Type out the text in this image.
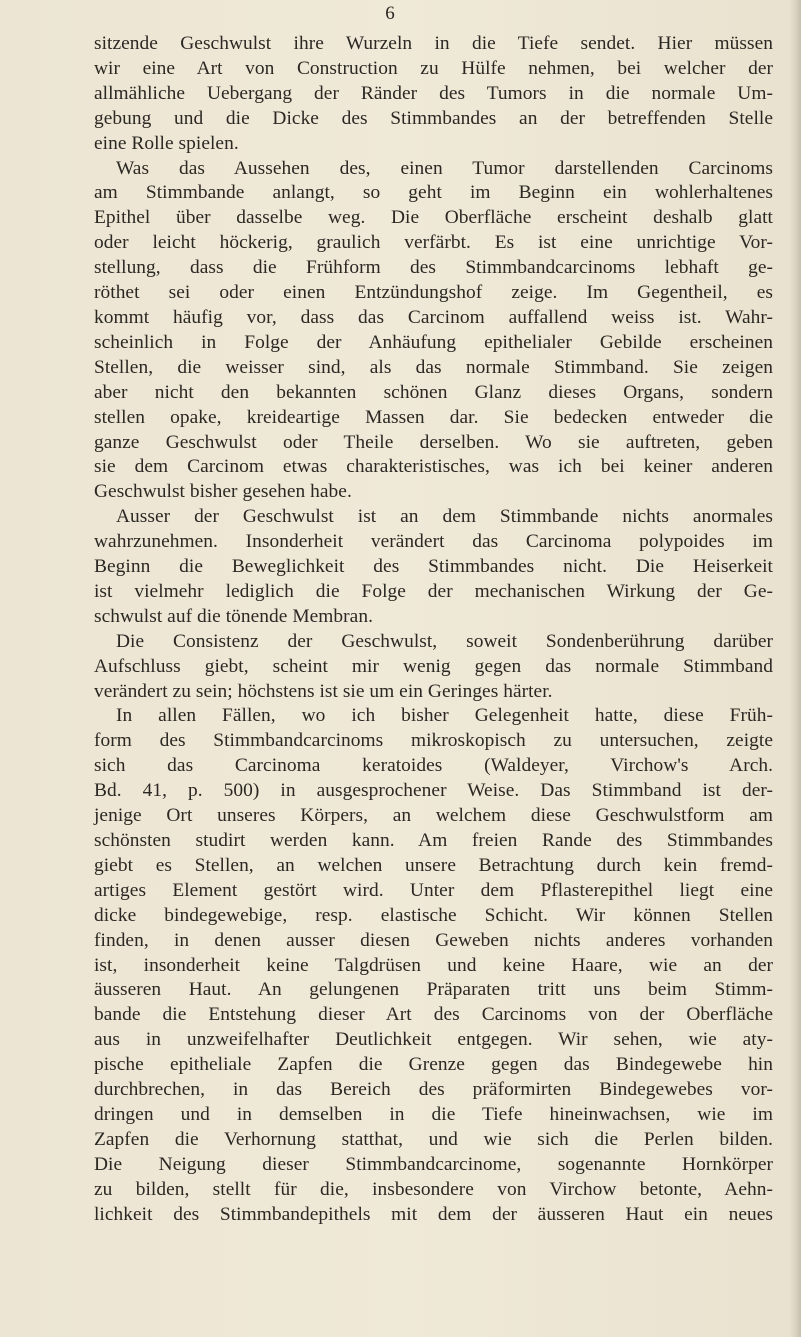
6
sitzende Geschwulst ihre Wurzeln in die Tiefe sendet. Hier müssen
wir eine Art von Construction zu Hülfe nehmen, bei welcher der
allmähliche Uebergang der Ränder des Tumors in die normale Um-
gebung und die Dicke des Stimmbandes an der betreffenden Stelle
eine Rolle spielen.
Was das Aussehen des, einen Tumor darstellenden Carcinoms
am Stimmbande anlangt, so geht im Beginn ein wohlerhaltenes
Epithel über dasselbe weg. Die Oberfläche erscheint deshalb glatt
oder leicht höckerig, graulich verfärbt. Es ist eine unrichtige Vor-
stellung, dass die Frühform des Stimmbandcarcinoms lebhaft ge-
röthet sei oder einen Entzündungshof zeige. Im Gegentheil, es
kommt häufig vor, dass das Carcinom auffallend weiss ist. Wahr-
scheinlich in Folge der Anhäufung epithelialer Gebilde erscheinen
Stellen, die weisser sind, als das normale Stimmband. Sie zeigen
aber nicht den bekannten schönen Glanz dieses Organs, sondern
stellen opake, kreideartige Massen dar. Sie bedecken entweder die
ganze Geschwulst oder Theile derselben. Wo sie auftreten, geben
sie dem Carcinom etwas charakteristisches, was ich bei keiner anderen
Geschwulst bisher gesehen habe.
Ausser der Geschwulst ist an dem Stimmbande nichts anormales
wahrzunehmen. Insonderheit verändert das Carcinoma polypoides im
Beginn die Beweglichkeit des Stimmbandes nicht. Die Heiserkeit
ist vielmehr lediglich die Folge der mechanischen Wirkung der Ge-
schwulst auf die tönende Membran.
Die Consistenz der Geschwulst, soweit Sondenberührung darüber
Aufschluss giebt, scheint mir wenig gegen das normale Stimmband
verändert zu sein; höchstens ist sie um ein Geringes härter.
In allen Fällen, wo ich bisher Gelegenheit hatte, diese Früh-
form des Stimmbandcarcinoms mikroskopisch zu untersuchen, zeigte
sich das Carcinoma keratoides (Waldeyer, Virchow's Arch.
Bd. 41, p. 500) in ausgesprochener Weise. Das Stimmband ist der-
jenige Ort unseres Körpers, an welchem diese Geschwulstform am
schönsten studirt werden kann. Am freien Rande des Stimmbandes
giebt es Stellen, an welchen unsere Betrachtung durch kein fremd-
artiges Element gestört wird. Unter dem Pflasterepithel liegt eine
dicke bindegewebige, resp. elastische Schicht. Wir können Stellen
finden, in denen ausser diesen Geweben nichts anderes vorhanden
ist, insonderheit keine Talgdrüsen und keine Haare, wie an der
äusseren Haut. An gelungenen Präparaten tritt uns beim Stimm-
bande die Entstehung dieser Art des Carcinoms von der Oberfläche
aus in unzweifelhafter Deutlichkeit entgegen. Wir sehen, wie aty-
pische epitheliale Zapfen die Grenze gegen das Bindegewebe hin
durchbrechen, in das Bereich des präformirten Bindegewebes vor-
dringen und in demselben in die Tiefe hineinwachsen, wie im
Zapfen die Verhornung statthat, und wie sich die Perlen bilden.
Die Neigung dieser Stimmbandcarcinome, sogenannte Hornkörper
zu bilden, stellt für die, insbesondere von Virchow betonte, Aehn-
lichkeit des Stimmbandepithels mit dem der äusseren Haut ein neues
